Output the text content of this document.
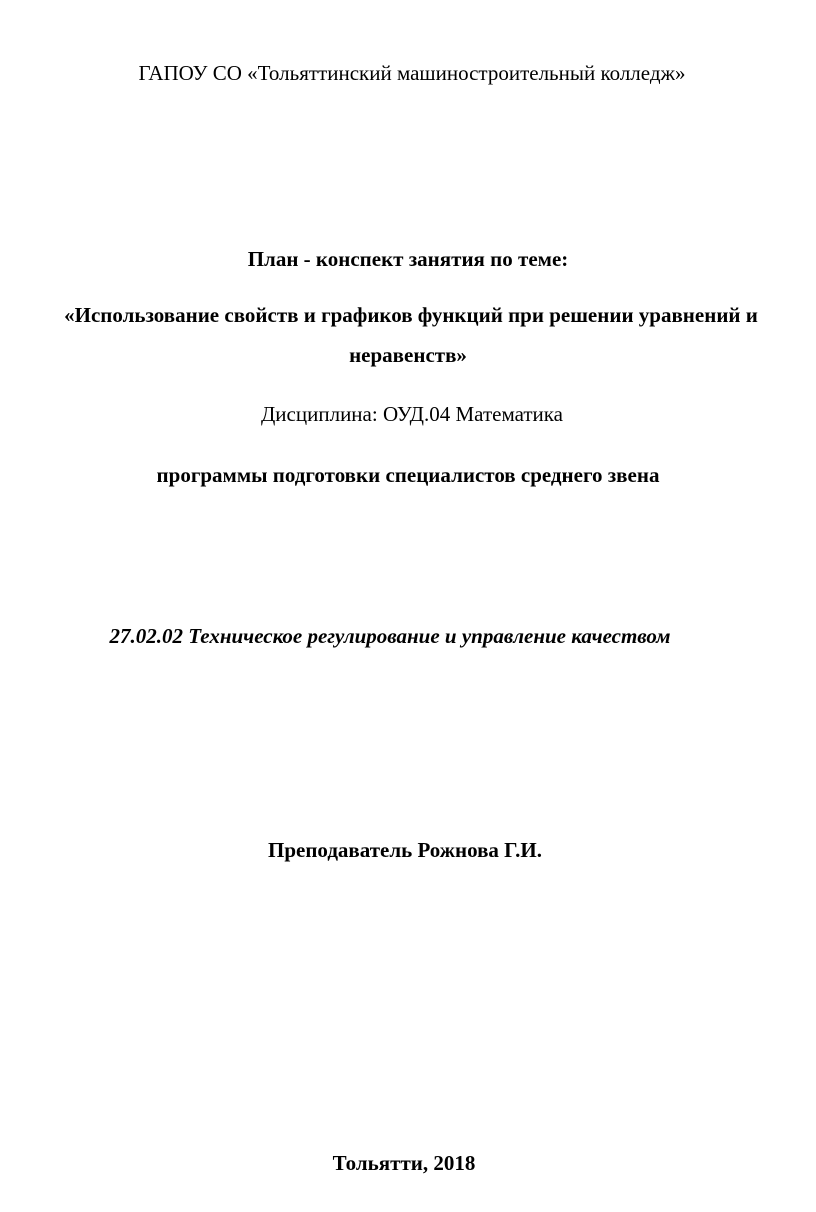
ГАПОУ СО «Тольяттинский машиностроительный колледж»
План - конспект занятия по теме:
«Использование свойств и графиков функций при решении уравнений и
неравенств»
Дисциплина: ОУД.04 Математика
программы подготовки специалистов среднего звена
27.02.02 Техническое регулирование и управление качеством
Преподаватель Рожнова Г.И.
Тольятти, 2018
